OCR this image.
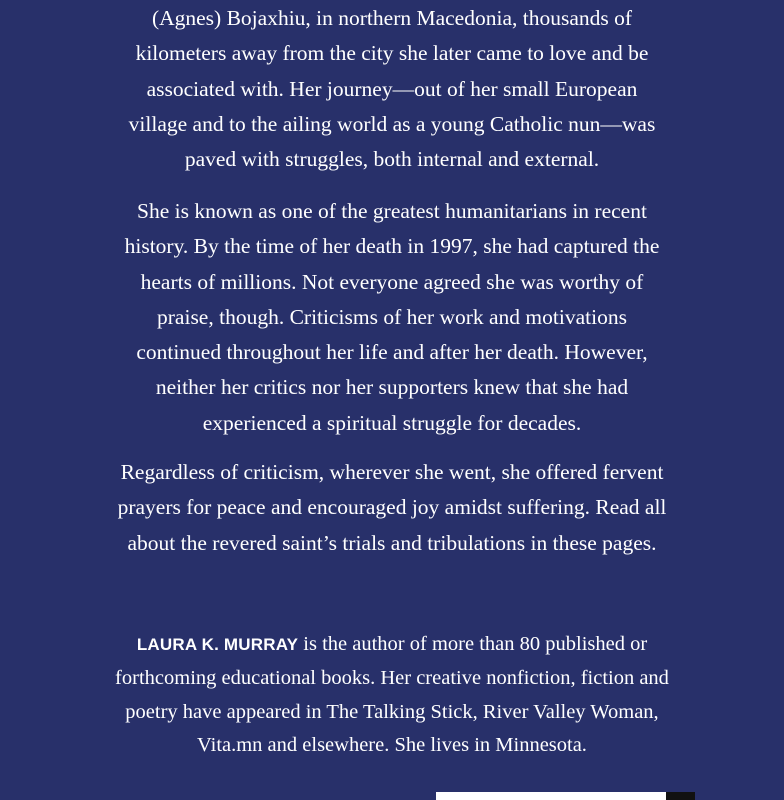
(Agnes) Bojaxhiu, in northern Macedonia, thousands of
kilometers away from the city she later came to love and be
associated with. Her journey—out of her small European
village and to the ailing world as a young Catholic nun—was
paved with struggles, both internal and external.
She is known as one of the greatest humanitarians in recent
history. By the time of her death in 1997, she had captured the
hearts of millions. Not everyone agreed she was worthy of
praise, though. Criticisms of her work and motivations
continued throughout her life and after her death. However,
neither her critics nor her supporters knew that she had
experienced a spiritual struggle for decades.
Regardless of criticism, wherever she went, she offered fervent
prayers for peace and encouraged joy amidst suffering. Read all
about the revered saint’s trials and tribulations in these pages.
LAURA K. MURRAY is the author of more than 80 published or
forthcoming educational books. Her creative nonfiction, fiction and
poetry have appeared in The Talking Stick, River Valley Woman,
Vita.mn and elsewhere. She lives in Minnesota.
